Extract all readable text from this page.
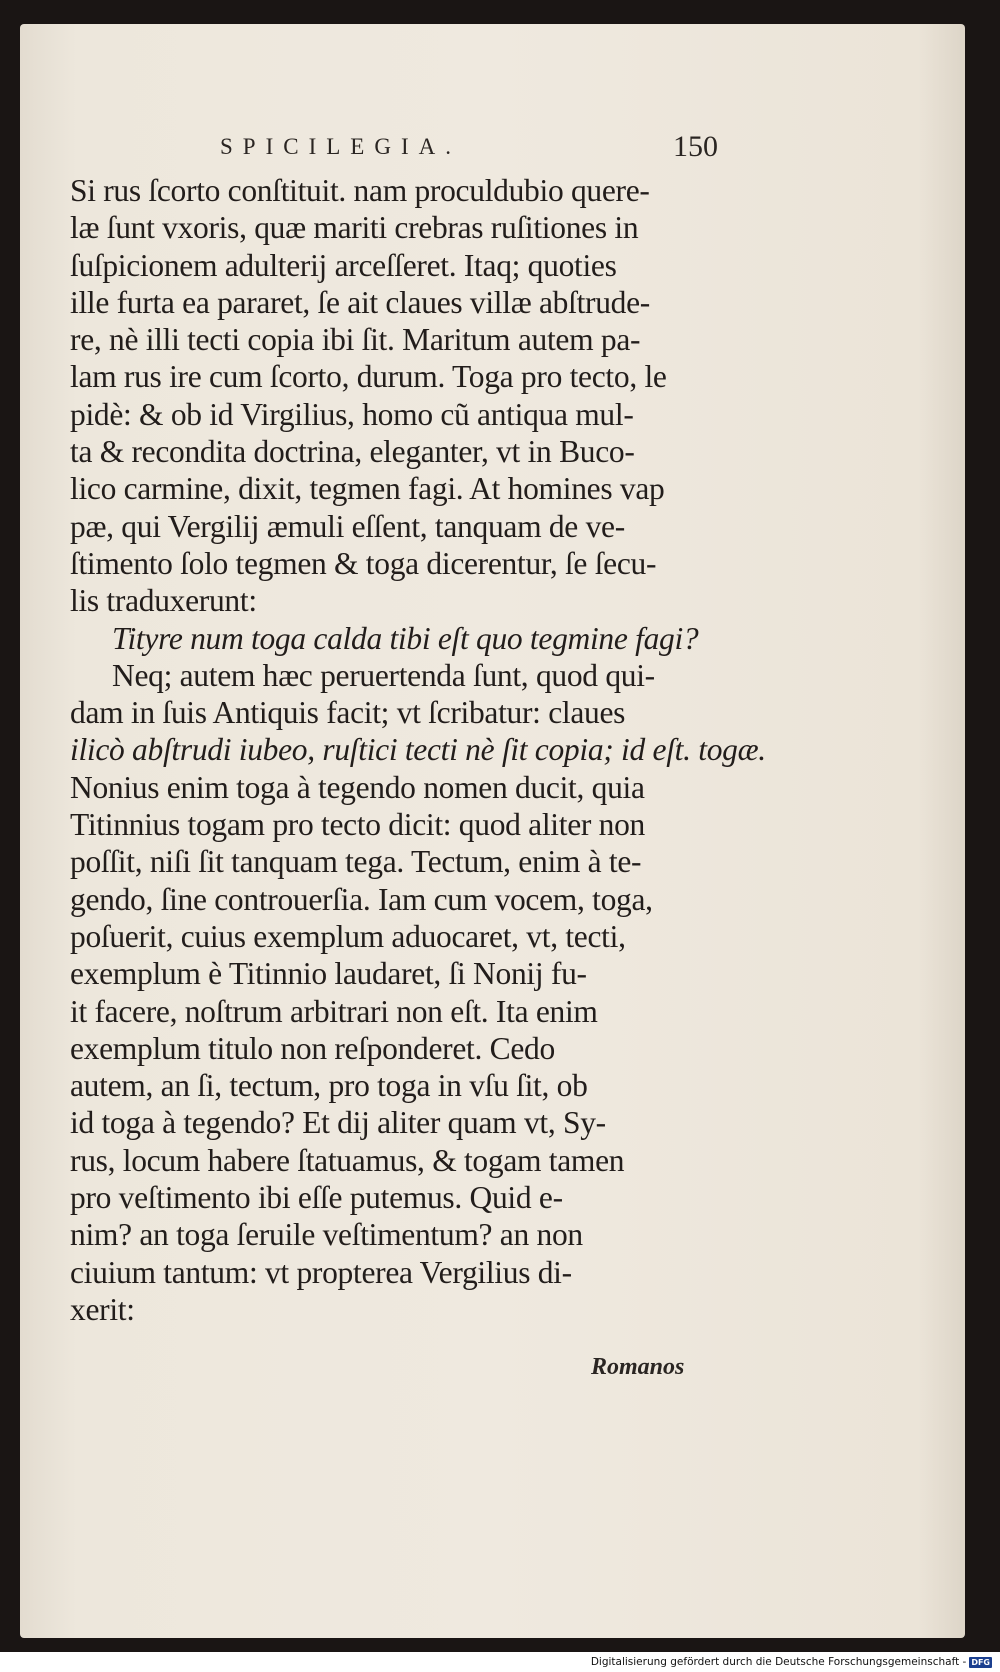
SPICILEGIA.	150
Si rus ſcorto conſtituit. nam proculdubio quere-
læ ſunt vxoris, quæ mariti crebras ruſitiones in
ſuſpicionem adulterij arceſſeret. Itaq; quoties
ille furta ea pararet, ſe ait claues villæ abſtrude-
re, nè illi tecti copia ibi ſit. Maritum autem pa-
lam rus ire cum ſcorto, durum. Toga pro tecto, le
pidè: & ob id Virgilius, homo cũ antiqua mul-
ta & recondita doctrina, eleganter, vt in Buco-
lico carmine, dixit, tegmen fagi. At homines vap
pæ, qui Vergilij æmuli eſſent, tanquam de ve-
ſtimento ſolo tegmen & toga dicerentur, ſe ſecu-
lis traduxerunt:
Tityre num toga calda tibi eſt quo tegmine fagi?
Neq; autem hæc peruertenda ſunt, quod qui-
dam in ſuis Antiquis facit; vt ſcribatur: claues
ilicò abſtrudi iubeo, ruſtici tecti nè ſit copia; id eſt. togæ.
Nonius enim toga à tegendo nomen ducit, quia
Titinnius togam pro tecto dicit: quod aliter non
poſſit, niſi ſit tanquam tega. Tectum, enim à te-
gendo, ſine controuerſia. Iam cum vocem, toga,
poſuerit, cuius exemplum aduocaret, vt, tecti,
exemplum è Titinnio laudaret, ſi Nonij fu-
it facere, noſtrum arbitrari non eſt. Ita enim
exemplum titulo non reſponderet. Cedo
autem, an ſi, tectum, pro toga in vſu ſit, ob
id toga à tegendo? Et dij aliter quam vt, Sy-
rus, locum habere ſtatuamus, & togam tamen
pro veſtimento ibi eſſe putemus. Quid e-
nim? an toga ſeruile veſtimentum? an non
ciuium tantum: vt propterea Vergilius di-
xerit:
Romanos
Digitalisierung gefördert durch die Deutsche Forschungsgemeinschaft - DFG
